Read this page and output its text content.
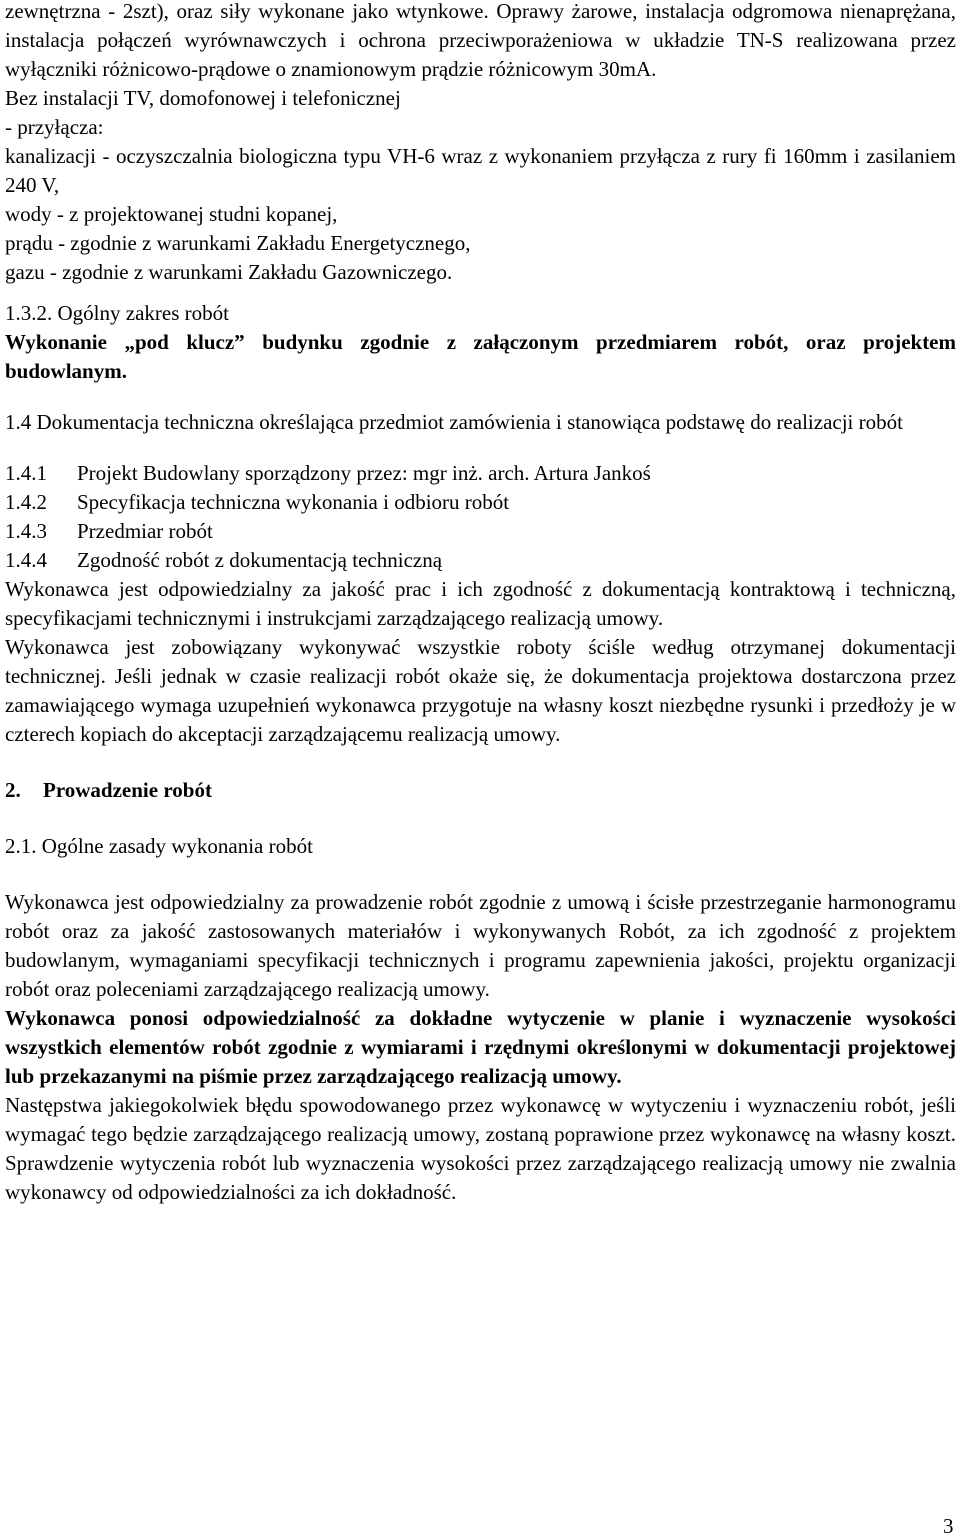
zewnętrzna - 2szt), oraz siły wykonane jako wtynkowe. Oprawy żarowe, instalacja odgromowa nienaprężana, instalacja połączeń wyrównawczych i ochrona przeciwporażeniowa w układzie TN-S realizowana przez wyłączniki różnicowo-prądowe o znamionowym prądzie różnicowym 30mA.

Bez instalacji TV, domofonowej i telefonicznej

- przyłącza:

kanalizacji - oczyszczalnia biologiczna typu VH-6 wraz z wykonaniem przyłącza z rury fi 160mm i zasilaniem 240 V,

wody - z projektowanej studni kopanej,

prądu - zgodnie z warunkami Zakładu Energetycznego,

gazu - zgodnie z warunkami Zakładu Gazowniczego.

1.3.2. Ogólny zakres robót

Wykonanie „pod klucz” budynku zgodnie z załączonym przedmiarem robót, oraz projektem budowlanym.

1.4 Dokumentacja techniczna określająca przedmiot zamówienia i stanowiąca podstawę do realizacji robót

1.4.1	Projekt Budowlany sporządzony przez: mgr inż. arch. Artura Jankoś
1.4.2	Specyfikacja techniczna wykonania i odbioru robót
1.4.3	Przedmiar robót
1.4.4	Zgodność robót z dokumentacją techniczną

Wykonawca jest odpowiedzialny za jakość prac i ich zgodność z dokumentacją kontraktową i techniczną, specyfikacjami technicznymi i instrukcjami zarządzającego realizacją umowy.

Wykonawca jest zobowiązany wykonywać wszystkie roboty ściśle według otrzymanej dokumentacji technicznej. Jeśli jednak w czasie realizacji robót okaże się, że dokumentacja projektowa dostarczona przez zamawiającego wymaga uzupełnień wykonawca przygotuje na własny koszt niezbędne rysunki i przedłoży je w czterech kopiach do akceptacji zarządzającemu realizacją umowy.

2. Prowadzenie robót

2.1. Ogólne zasady wykonania robót

Wykonawca jest odpowiedzialny za prowadzenie robót zgodnie z umową i ścisłe przestrzeganie harmonogramu robót oraz za jakość zastosowanych materiałów i wykonywanych Robót, za ich zgodność z projektem budowlanym, wymaganiami specyfikacji technicznych i programu zapewnienia jakości, projektu organizacji robót oraz poleceniami zarządzającego realizacją umowy.

Wykonawca ponosi odpowiedzialność za dokładne wytyczenie w planie i wyznaczenie wysokości wszystkich elementów robót zgodnie z wymiarami i rzędnymi określonymi w dokumentacji projektowej lub przekazanymi na piśmie przez zarządzającego realizacją umowy.

Następstwa jakiegokolwiek błędu spowodowanego przez wykonawcę w wytyczeniu i wyznaczeniu robót, jeśli wymagać tego będzie zarządzającego realizacją umowy, zostaną poprawione przez wykonawcę na własny koszt. Sprawdzenie wytyczenia robót lub wyznaczenia wysokości przez zarządzającego realizacją umowy nie zwalnia wykonawcy od odpowiedzialności za ich dokładność.

3
